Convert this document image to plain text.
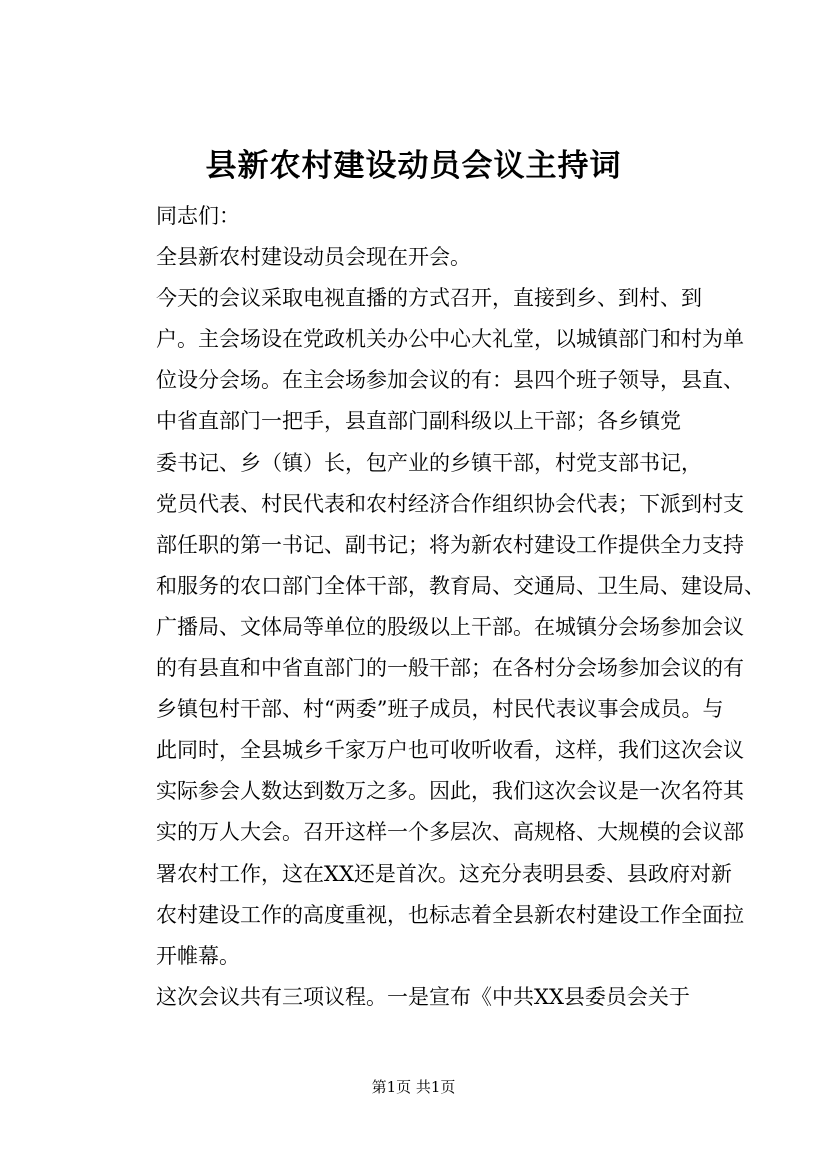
县新农村建设动员会议主持词

同志们：

全县新农村建设动员会现在开会。

今天的会议采取电视直播的方式召开，直接到乡、到村、到
户。主会场设在党政机关办公中心大礼堂，以城镇部门和村为单
位设分会场。在主会场参加会议的有：县四个班子领导，县直、
中省直部门一把手，县直部门副科级以上干部；各乡镇党

委书记、乡（镇）长，包产业的乡镇干部，村党支部书记，
党员代表、村民代表和农村经济合作组织协会代表；下派到村支
部任职的第一书记、副书记；将为新农村建设工作提供全力支持
和服务的农口部门全体干部，教育局、交通局、卫生局、建设局、
广播局、文体局等单位的股级以上干部。在城镇分会场参加会议
的有县直和中省直部门的一般干部；在各村分会场参加会议的有
乡镇包村干部、村“两委”班子成员，村民代表议事会成员。与
此同时，全县城乡千家万户也可收听收看，这样，我们这次会议
实际参会人数达到数万之多。因此，我们这次会议是一次名符其
实的万人大会。召开这样一个多层次、高规格、大规模的会议部
署农村工作，这在XX还是首次。这充分表明县委、县政府对新
农村建设工作的高度重视，也标志着全县新农村建设工作全面拉
开帷幕。

这次会议共有三项议程。一是宣布《中共XX县委员会关于

第1页 共1页
